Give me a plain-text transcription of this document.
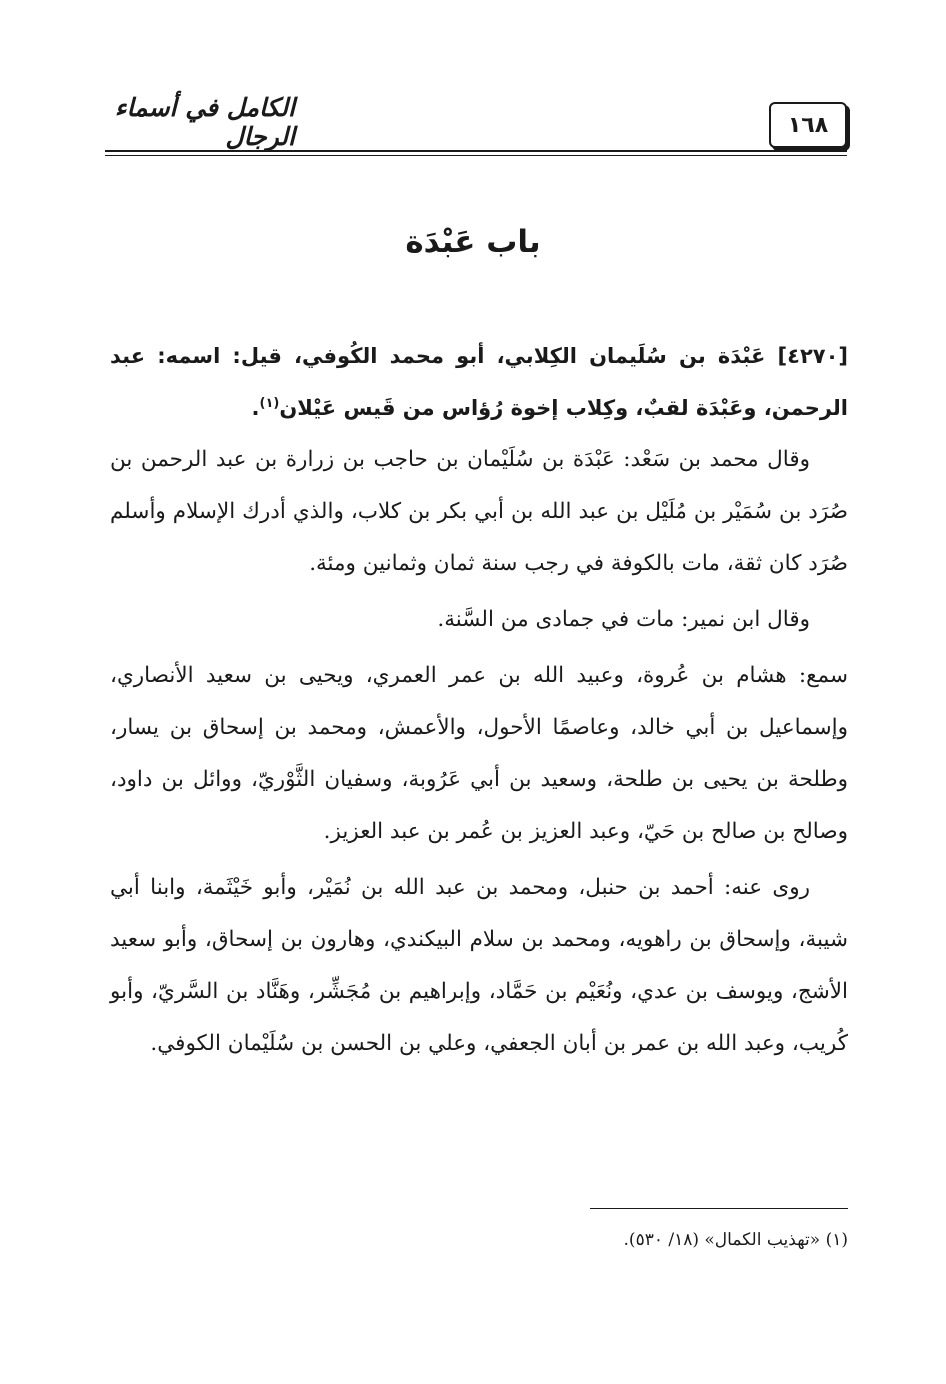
١٦٨
الكامل في أسماء الرجال
باب عَبْدَة

[٤٢٧٠] عَبْدَة بن سُلَيمان الكِلابي، أبو محمد الكُوفي، قيل: اسمه: عبد الرحمن، وعَبْدَة لقبٌ، وكِلاب إخوة رُؤاس من قَيس عَيْلان$^{(١)}$.

وقال محمد بن سَعْد: عَبْدَة بن سُلَيْمان بن حاجب بن زرارة بن عبد الرحمن بن صُرَد بن سُمَيْر بن مُلَيْل بن عبد الله بن أبي بكر بن كلاب، والذي أدرك الإسلام وأسلم صُرَد كان ثقة، مات بالكوفة في رجب سنة ثمان وثمانين ومئة.

وقال ابن نمير: مات في جمادى من السَّنة.

سمع: هشام بن عُروة، وعبيد الله بن عمر العمري، ويحيى بن سعيد الأنصاري، وإسماعيل بن أبي خالد، وعاصمًا الأحول، والأعمش، ومحمد بن إسحاق بن يسار، وطلحة بن يحيى بن طلحة، وسعيد بن أبي عَرُوبة، وسفيان الثَّوْريّ، ووائل بن داود، وصالح بن صالح بن حَيّ، وعبد العزيز بن عُمر بن عبد العزيز.

روى عنه: أحمد بن حنبل، ومحمد بن عبد الله بن نُمَيْر، وأبو خَيْثَمة، وابنا أبي شيبة، وإسحاق بن راهويه، ومحمد بن سلام البيكندي، وهارون بن إسحاق، وأبو سعيد الأشج، ويوسف بن عدي، ونُعَيْم بن حَمَّاد، وإبراهيم بن مُجَشِّر، وهَنَّاد بن السَّريّ، وأبو كُريب، وعبد الله بن عمر بن أبان الجعفي، وعلي بن الحسن بن سُلَيْمان الكوفي.

(١) «تهذيب الكمال» (١٨/ ٥٣٠).
